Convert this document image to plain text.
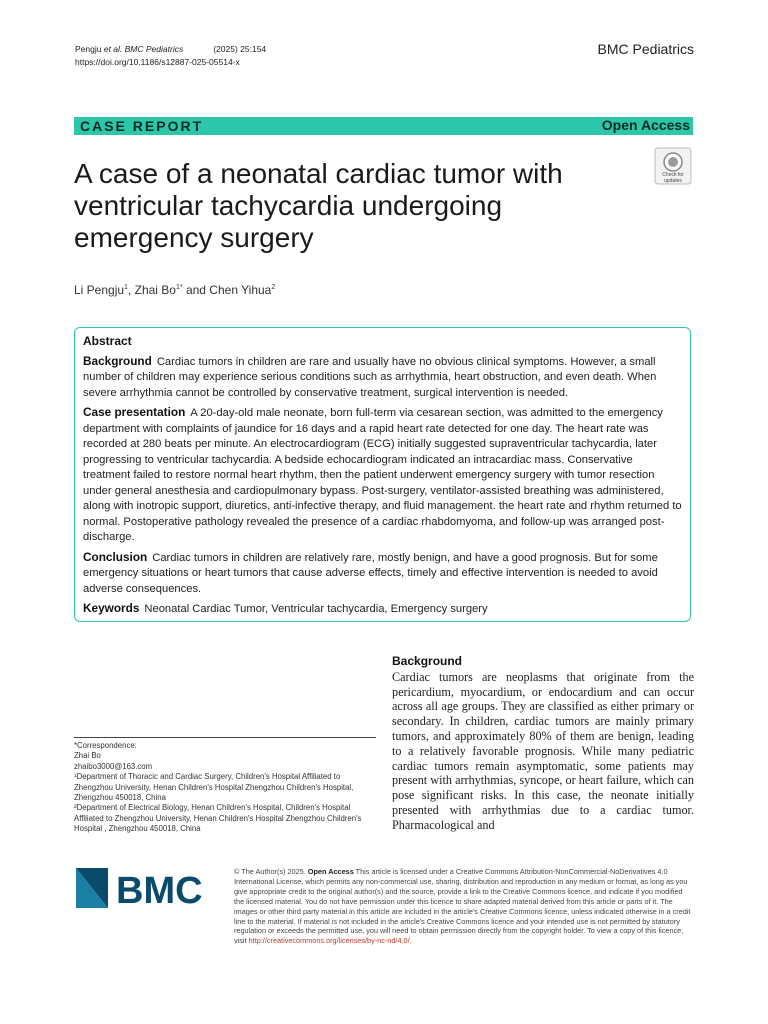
Pengju et al. BMC Pediatrics	(2025) 25:154
https://doi.org/10.1186/s12887-025-05514-x
BMC Pediatrics
CASE REPORT	Open Access
A case of a neonatal cardiac tumor with ventricular tachycardia undergoing emergency surgery
Check for
updates
Li Pengju$^1$, Zhai $Bo^{1*}$ and Chen Yihua$^2$
Abstract

Background Cardiac tumors in children are rare and usually have no obvious clinical symptoms. However, a small number of children may experience serious conditions such as arrhythmia, heart obstruction, and even death. When severe arrhythmia cannot be controlled by conservative treatment, surgical intervention is needed.

Case presentation A 20-day-old male neonate, born full-term via cesarean section, was admitted to the emergency department with complaints of jaundice for 16 days and a rapid heart rate detected for one day. The heart rate was recorded at 280 beats per minute. An electrocardiogram (ECG) initially suggested supraventricular tachycardia, later progressing to ventricular tachycardia. A bedside echocardiogram indicated an intracardiac mass. Conservative treatment failed to restore normal heart rhythm, then the patient underwent emergency surgery with tumor resection under general anesthesia and cardiopulmonary bypass. Post-surgery, ventilator-assisted breathing was administered, along with inotropic support, diuretics, anti-infective therapy, and fluid management. the heart rate and rhythm returned to normal. Postoperative pathology revealed the presence of a cardiac rhabdomyoma, and follow-up was arranged post-discharge.

Conclusion Cardiac tumors in children are relatively rare, mostly benign, and have a good prognosis. But for some emergency situations or heart tumors that cause adverse effects, timely and effective intervention is needed to avoid adverse consequences.

Keywords Neonatal Cardiac Tumor, Ventricular tachycardia, Emergency surgery

Background

Cardiac tumors are neoplasms that originate from the pericardium, myocardium, or endocardium and can occur across all age groups. They are classified as either primary or secondary. In children, cardiac tumors are mainly primary tumors, and approximately 80% of them are benign, leading to a relatively favorable prognosis. While many pediatric cardiac tumors remain asymptomatic, some patients may present with arrhythmias, syncope, or heart failure, which can pose significant risks. In this case, the neonate initially presented with arrhythmias due to a cardiac tumor. Pharmacological and

*Correspondence:
Zhai Bo
zhaibo3000@163.com
¹Department of Thoracic and Cardiac Surgery, Children's Hospital Affiliated to Zhengzhou University, Henan Children's Hospital Zhengzhou Children's Hospital, Zhengzhou 450018, China
²Department of Electrical Biology, Henan Children's Hospital, Children's Hospital Affiliated to Zhengzhou University, Henan Children's Hospital Zhengzhou Children's Hospital , Zhengzhou 450018, China
BMC	© The Author(s) 2025. Open Access This article is licensed under a Creative Commons Attribution-NonCommercial-NoDerivatives 4.0 International License, which permits any non-commercial use, sharing, distribution and reproduction in any medium or format, as long as you give appropriate credit to the original author(s) and the source, provide a link to the Creative Commons licence, and indicate if you modified the licensed material. You do not have permission under this licence to share adapted material derived from this article or parts of it. The images or other third party material in this article are included in the article's Creative Commons licence, unless indicated otherwise in a credit line to the material. If material is not included in the article's Creative Commons licence and your intended use is not permitted by statutory regulation or exceeds the permitted use, you will need to obtain permission directly from the copyright holder. To view a copy of this licence, visit http://creativecommons.org/licenses/by-nc-nd/4.0/.
